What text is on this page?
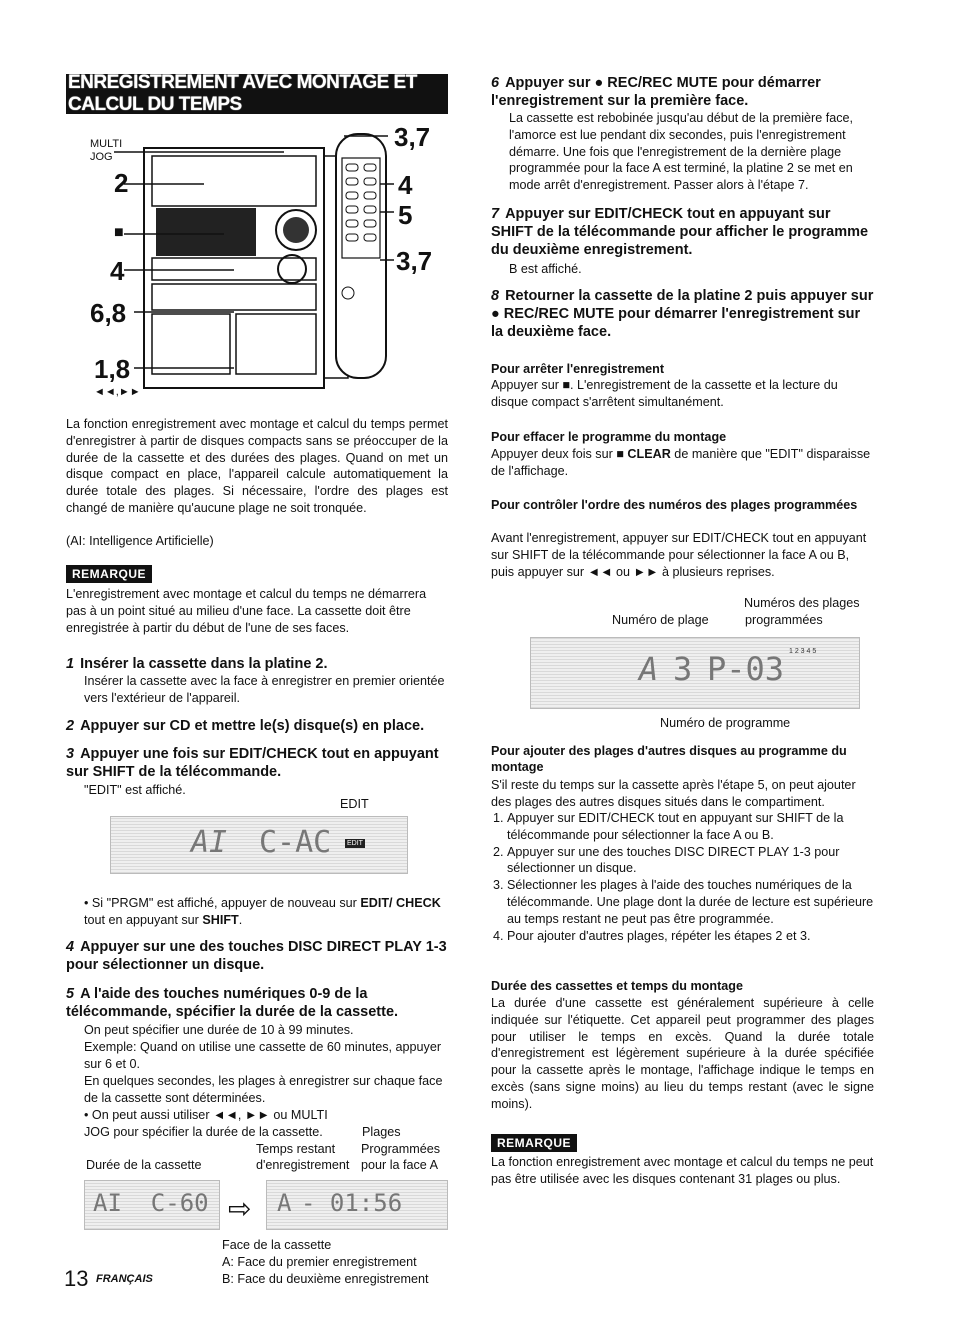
ENREGISTREMENT AVEC MONTAGE ET CALCUL DU TEMPS
MULTI
JOG
2
■
4
6,8
1,8
◄◄,►►
3,7
4
5
3,7

La fonction enregistrement avec montage et calcul du temps permet d'enregistrer à partir de disques compacts sans se préoccuper de la durée de la cassette et des durées des plages. Quand on met un disque compact en place, l'appareil calcule automatiquement la durée totale des plages. Si nécessaire, l'ordre des plages est changé de manière qu'aucune plage ne soit tronquée.

(AI: Intelligence Artificielle)

REMARQUE

L'enregistrement avec montage et calcul du temps ne démarrera pas à un point situé au milieu d'une face. La cassette doit être enregistrée à partir du début de l'une de ses faces.

1 Insérer la cassette dans la platine 2.

Insérer la cassette avec la face à enregistrer en premier orientée vers l'extérieur de l'appareil.

2 Appuyer sur CD et mettre le(s) disque(s) en place.
3 Appuyer une fois sur EDIT/CHECK tout en appuyant sur SHIFT de la télécommande.

"EDIT" est affiché.

EDIT
AI C-AC EDIT

• Si "PRGM" est affiché, appuyer de nouveau sur EDIT/ CHECK tout en appuyant sur SHIFT.

4 Appuyer sur une des touches DISC DIRECT PLAY 1-3 pour sélectionner un disque.
5 A l'aide des touches numériques 0-9 de la télécommande, spécifier la durée de la cassette.

On peut spécifier une durée de 10 à 99 minutes.

Exemple: Quand on utilise une cassette de 60 minutes, appuyer sur 6 et 0.

En quelques secondes, les plages à enregistrer sur chaque face de la cassette sont déterminées.

• On peut aussi utiliser ◄◄, ►► ou MULTI JOG pour spécifier la durée de la cassette.	Plages
Temps restant Programmées
Durée de la cassette	d'enregistrement pour la face A
AI  C-60 ⇨ A - 01:56
Face de la cassette
A: Face du premier enregistrement
B: Face du deuxième enregistrement
13 FRANÇAIS
6 Appuyer sur ● REC/REC MUTE pour démarrer l'enregistrement sur la première face.

La cassette est rebobinée jusqu'au début de la première face, l'amorce est lue pendant dix secondes, puis l'enregistrement démarre. Une fois que l'enregistrement de la dernière plage programmée pour la face A est terminé, la platine 2 se met en mode arrêt d'enregistrement. Passer alors à l'étape 7.

7 Appuyer sur EDIT/CHECK tout en appuyant sur SHIFT de la télécommande pour afficher le programme du deuxième enregistrement.

B est affiché.

8 Retourner la cassette de la platine 2 puis appuyer sur ● REC/REC MUTE pour démarrer l'enregistrement sur la deuxième face.
Pour arrêter l'enregistrement

Appuyer sur ■. L'enregistrement de la cassette et la lecture du disque compact s'arrêtent simultanément.

Pour effacer le programme du montage

Appuyer deux fois sur ■ CLEAR de manière que "EDIT" disparaisse de l'affichage.

Pour contrôler l'ordre des numéros des plages programmées

Avant l'enregistrement, appuyer sur EDIT/CHECK tout en appuyant sur SHIFT de la télécommande pour sélectionner la face A ou B, puis appuyer sur ◄◄ ou ►► à plusieurs reprises.

Numéros des plages
Numéro de plage	programmées
A 3 P-03 1 2 3 4 5
Numéro de programme
Pour ajouter des plages d'autres disques au programme du montage

S'il reste du temps sur la cassette après l'étape 5, on peut ajouter des plages des autres disques situés dans le compartiment.

1. Appuyer sur EDIT/CHECK tout en appuyant sur SHIFT de la télécommande pour sélectionner la face A ou B.
2. Appuyer sur une des touches DISC DIRECT PLAY 1-3 pour sélectionner un disque.
3. Sélectionner les plages à l'aide des touches numériques de la télécommande. Une plage dont la durée de lecture est supérieure au temps restant ne peut pas être programmée.
4. Pour ajouter d'autres plages, répéter les étapes 2 et 3.
Durée des cassettes et temps du montage

La durée d'une cassette est généralement supérieure à celle indiquée sur l'étiquette. Cet appareil peut programmer des plages pour utiliser le temps en excès. Quand la durée totale d'enregistrement est légèrement supérieure à la durée spécifiée pour la cassette après le montage, l'affichage indique le temps en excès (sans signe moins) au lieu du temps restant (avec le signe moins).

REMARQUE

La fonction enregistrement avec montage et calcul du temps ne peut pas être utilisée avec les disques contenant 31 plages ou plus.
